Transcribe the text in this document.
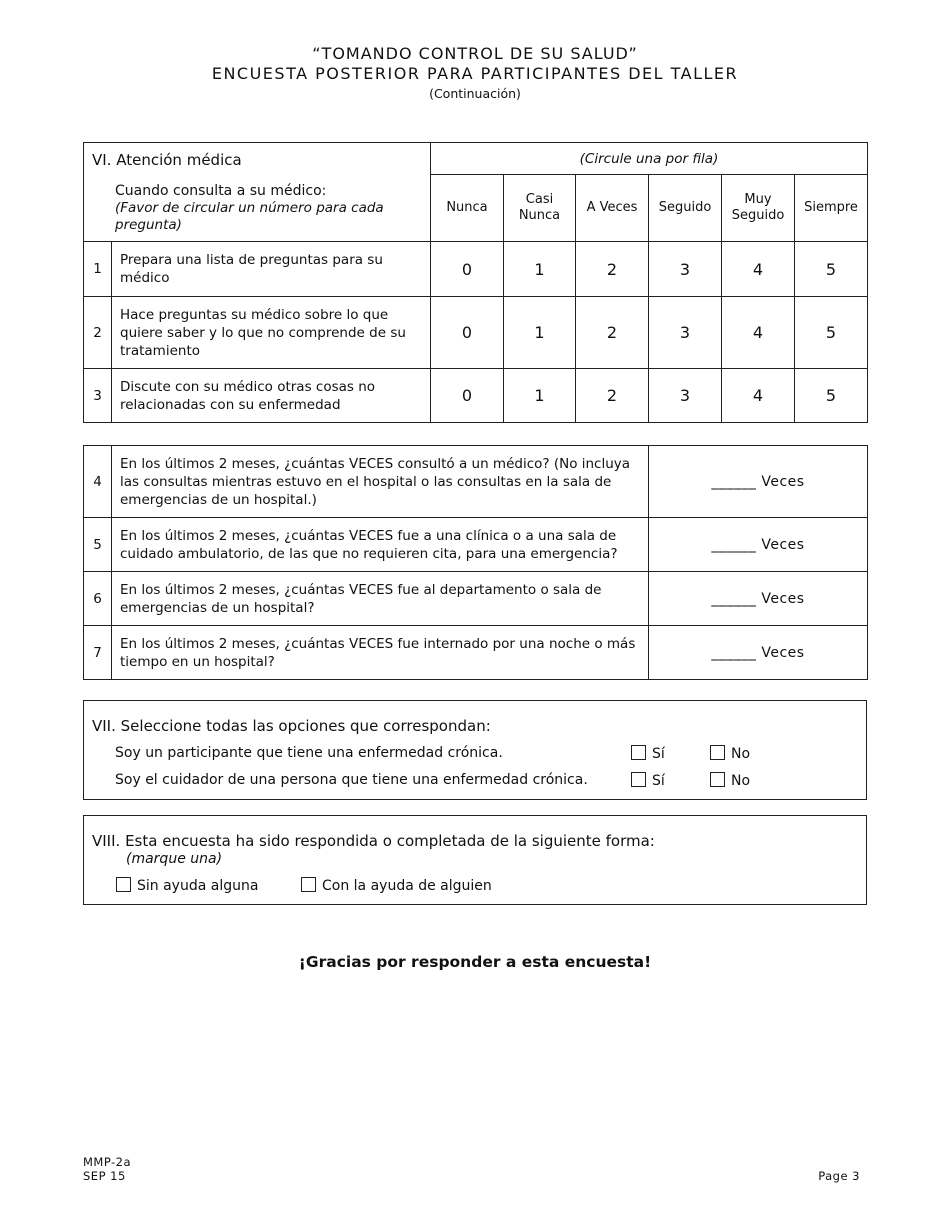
“TOMANDO CONTROL DE SU SALUD”
ENCUESTA POSTERIOR PARA PARTICIPANTES DEL TALLER
(Continuación)
VI. Atención médica
Cuando consulta a su médico:
(Favor de circular un número para cada pregunta)		(Circule una por fila)					
		Nunca	Casi Nunca	A Veces	Seguido	Muy Seguido	Siempre
1	Prepara una lista de preguntas para su médico	0	1	2	3	4	5
2	Hace preguntas su médico sobre lo que quiere saber y lo que no comprende de su tratamiento	0	1	2	3	4	5
3	Discute con su médico otras cosas no relacionadas con su enfermedad	0	1	2	3	4	5
4	En los últimos 2 meses, ¿cuántas VECES consultó a un médico? (No incluya las consultas mientras estuvo en el hospital o las consultas en la sala de emergencias de un hospital.)	______ Veces
5	En los últimos 2 meses, ¿cuántas VECES fue a una clínica o a una sala de cuidado ambulatorio, de las que no requieren cita, para una emergencia?	______ Veces
6	En los últimos 2 meses, ¿cuántas VECES fue al departamento o sala de emergencias de un hospital?	______ Veces
7	En los últimos 2 meses, ¿cuántas VECES fue internado por una noche o más tiempo en un hospital?	______ Veces
VII. Seleccione todas las opciones que correspondan:
Soy un participante que tiene una enfermedad crónica.	Sí	No
Soy el cuidador de una persona que tiene una enfermedad crónica.	Sí	No
VIII. Esta encuesta ha sido respondida o completada de la siguiente forma:
(marque una)
Sin ayuda alguna	Con la ayuda de alguien
¡Gracias por responder a esta encuesta!
MMP-2a
SEP 15	Page 3
